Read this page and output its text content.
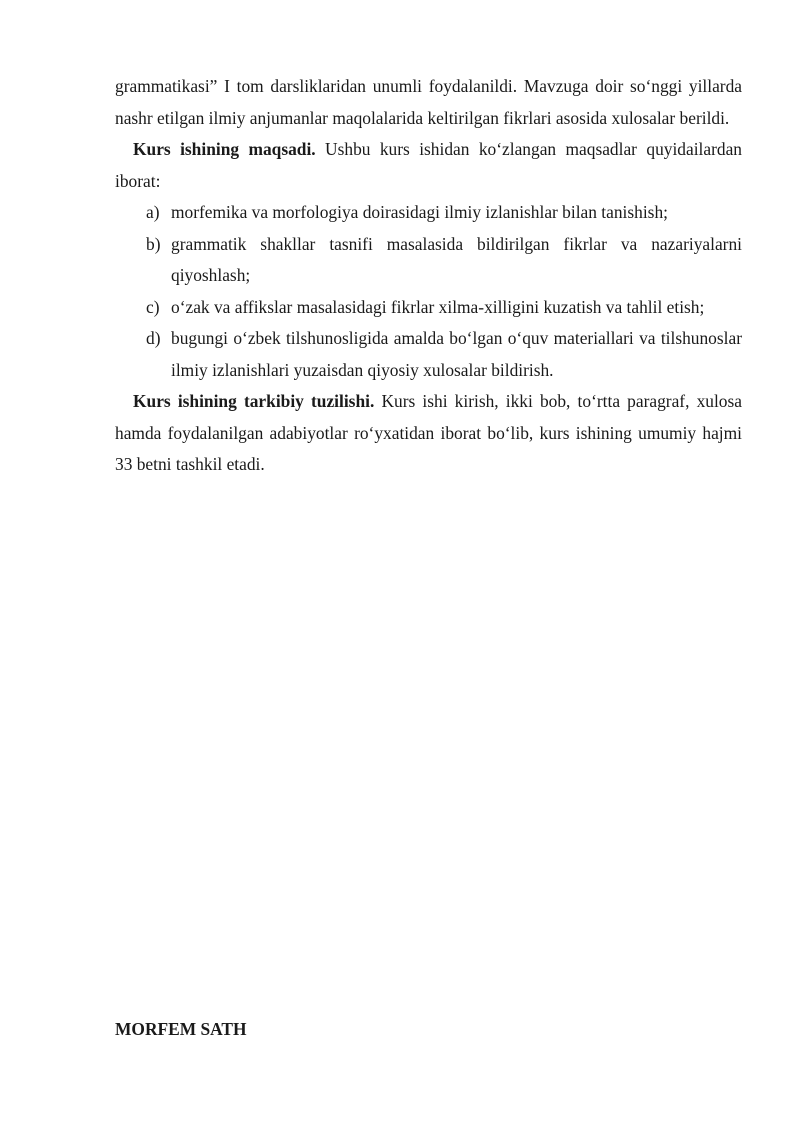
grammatikasi” I tom darsliklaridan unumli foydalanildi. Mavzuga doir so‘nggi yillarda nashr etilgan ilmiy anjumanlar maqolalarida keltirilgan fikrlari asosida xulosalar berildi.

Kurs ishining maqsadi. Ushbu kurs ishidan ko‘zlangan maqsadlar quyidailardan iborat:

a) morfemika va morfologiya doirasidagi ilmiy izlanishlar bilan tanishish;
b) grammatik shakllar tasnifi masalasida bildirilgan fikrlar va nazariyalarni qiyoshlash;
c) o‘zak va affikslar masalasidagi fikrlar xilma-xilligini kuzatish va tahlil etish;
d) bugungi o‘zbek tilshunosligida amalda bo‘lgan o‘quv materiallari va tilshunoslar ilmiy izlanishlari yuzaisdan qiyosiy xulosalar bildirish.

Kurs ishining tarkibiy tuzilishi. Kurs ishi kirish, ikki bob, to‘rtta paragraf, xulosa hamda foydalanilgan adabiyotlar ro‘yxatidan iborat bo‘lib, kurs ishining umumiy hajmi 33 betni tashkil etadi.

MORFEM SATH
